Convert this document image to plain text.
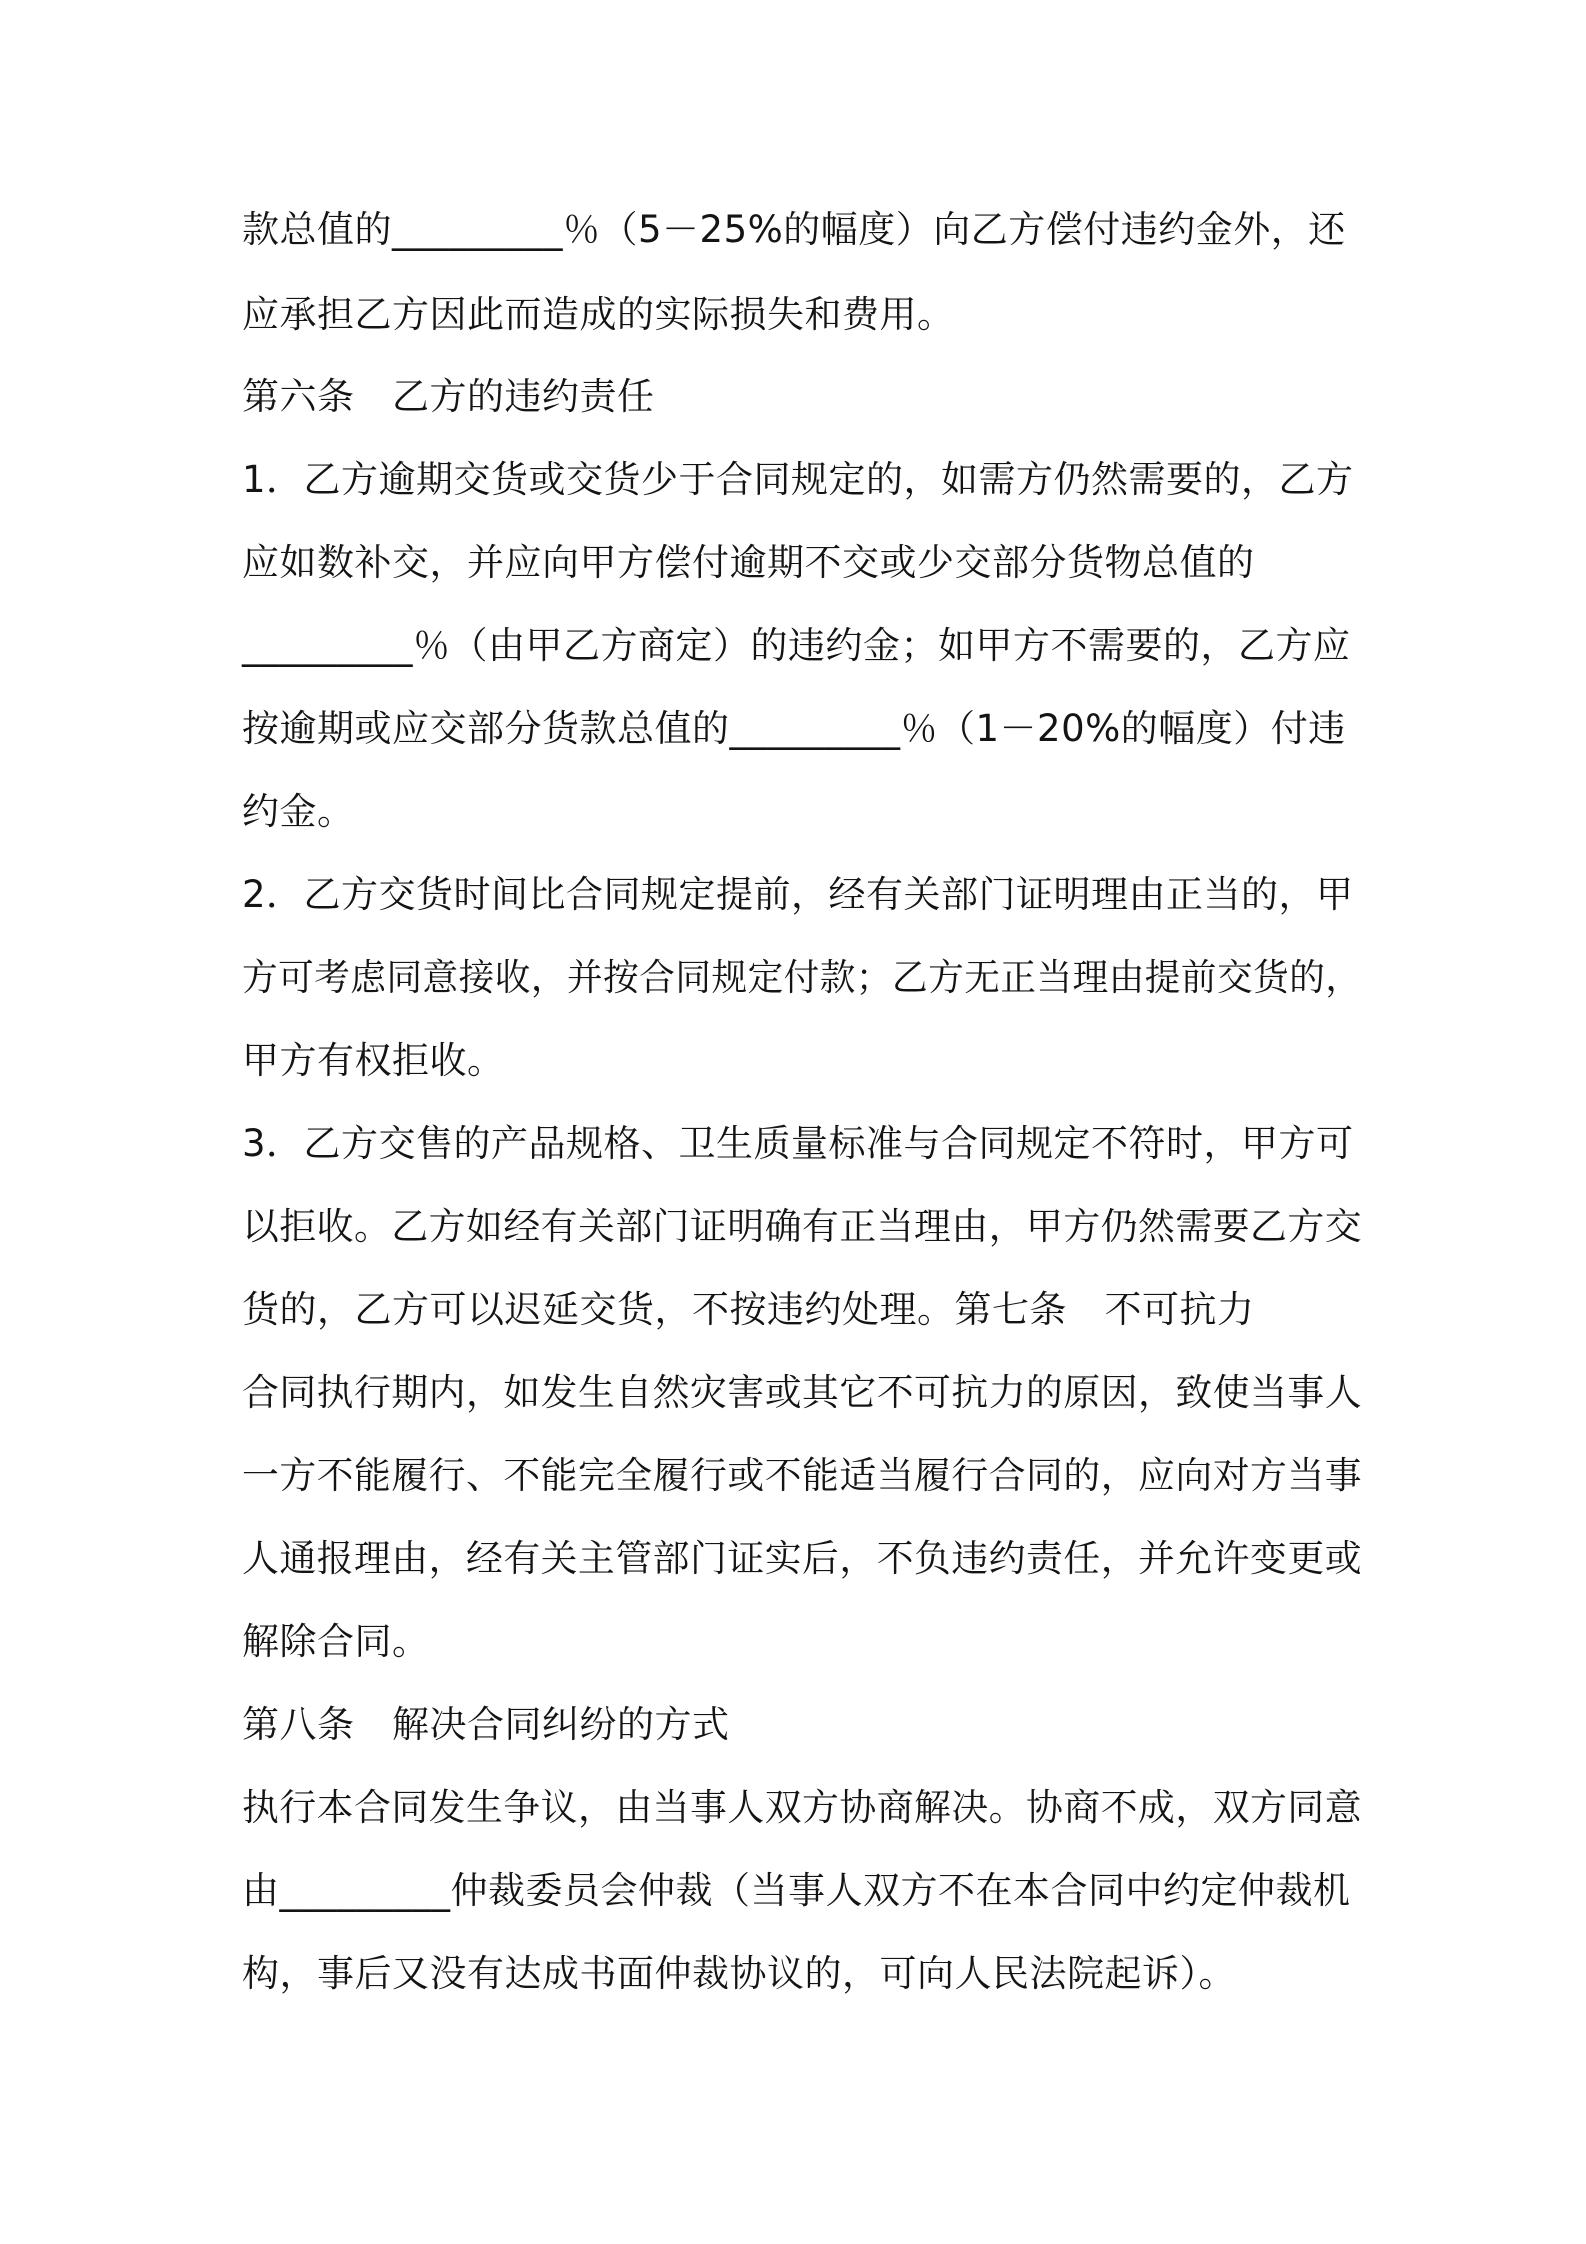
款总值的_________％（5－25%的幅度）向乙方偿付违约金外，还
应承担乙方因此而造成的实际损失和费用。
第六条　乙方的违约责任
1．乙方逾期交货或交货少于合同规定的，如需方仍然需要的，乙方
应如数补交，并应向甲方偿付逾期不交或少交部分货物总值的
_________％（由甲乙方商定）的违约金；如甲方不需要的，乙方应
按逾期或应交部分货款总值的_________％（1－20%的幅度）付违
约金。
2．乙方交货时间比合同规定提前，经有关部门证明理由正当的，甲
方可考虑同意接收，并按合同规定付款；乙方无正当理由提前交货的，
甲方有权拒收。
3．乙方交售的产品规格、卫生质量标准与合同规定不符时，甲方可
以拒收。乙方如经有关部门证明确有正当理由，甲方仍然需要乙方交
货的，乙方可以迟延交货，不按违约处理。第七条　不可抗力
合同执行期内，如发生自然灾害或其它不可抗力的原因，致使当事人
一方不能履行、不能完全履行或不能适当履行合同的，应向对方当事
人通报理由，经有关主管部门证实后，不负违约责任，并允许变更或
解除合同。
第八条　解决合同纠纷的方式
执行本合同发生争议，由当事人双方协商解决。协商不成，双方同意
由_________仲裁委员会仲裁（当事人双方不在本合同中约定仲裁机
构，事后又没有达成书面仲裁协议的，可向人民法院起诉）。
